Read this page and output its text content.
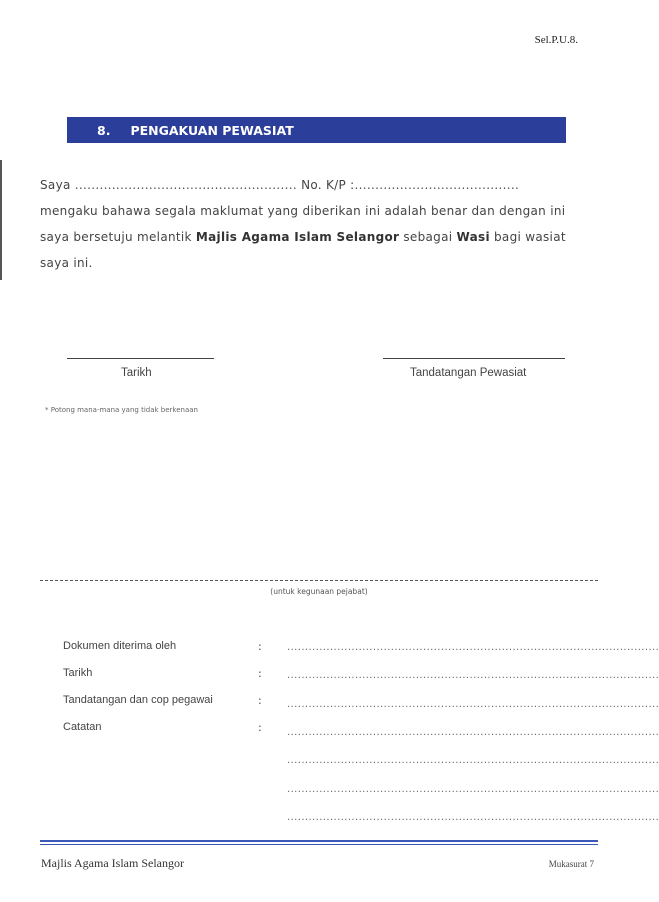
Sel.P.U.8.
8. PENGAKUAN PEWASIAT
Saya ...................................................... No. K/P :........................................
mengaku bahawa segala maklumat yang diberikan ini adalah benar dan dengan ini
saya bersetuju melantik Majlis Agama Islam Selangor sebagai Wasi bagi wasiat
saya ini.
Tarikh	Tandatangan Pewasiat
* Potong mana-mana yang tidak berkenaan
(untuk kegunaan pejabat)
Dokumen diterima oleh	:	........................................................................................................
Tarikh	:	........................................................................................................
Tandatangan dan cop pegawai	:	........................................................................................................
Catatan	:	........................................................................................................
........................................................................................................
........................................................................................................
........................................................................................................
Majlis Agama Islam Selangor	Mukasurat 7
